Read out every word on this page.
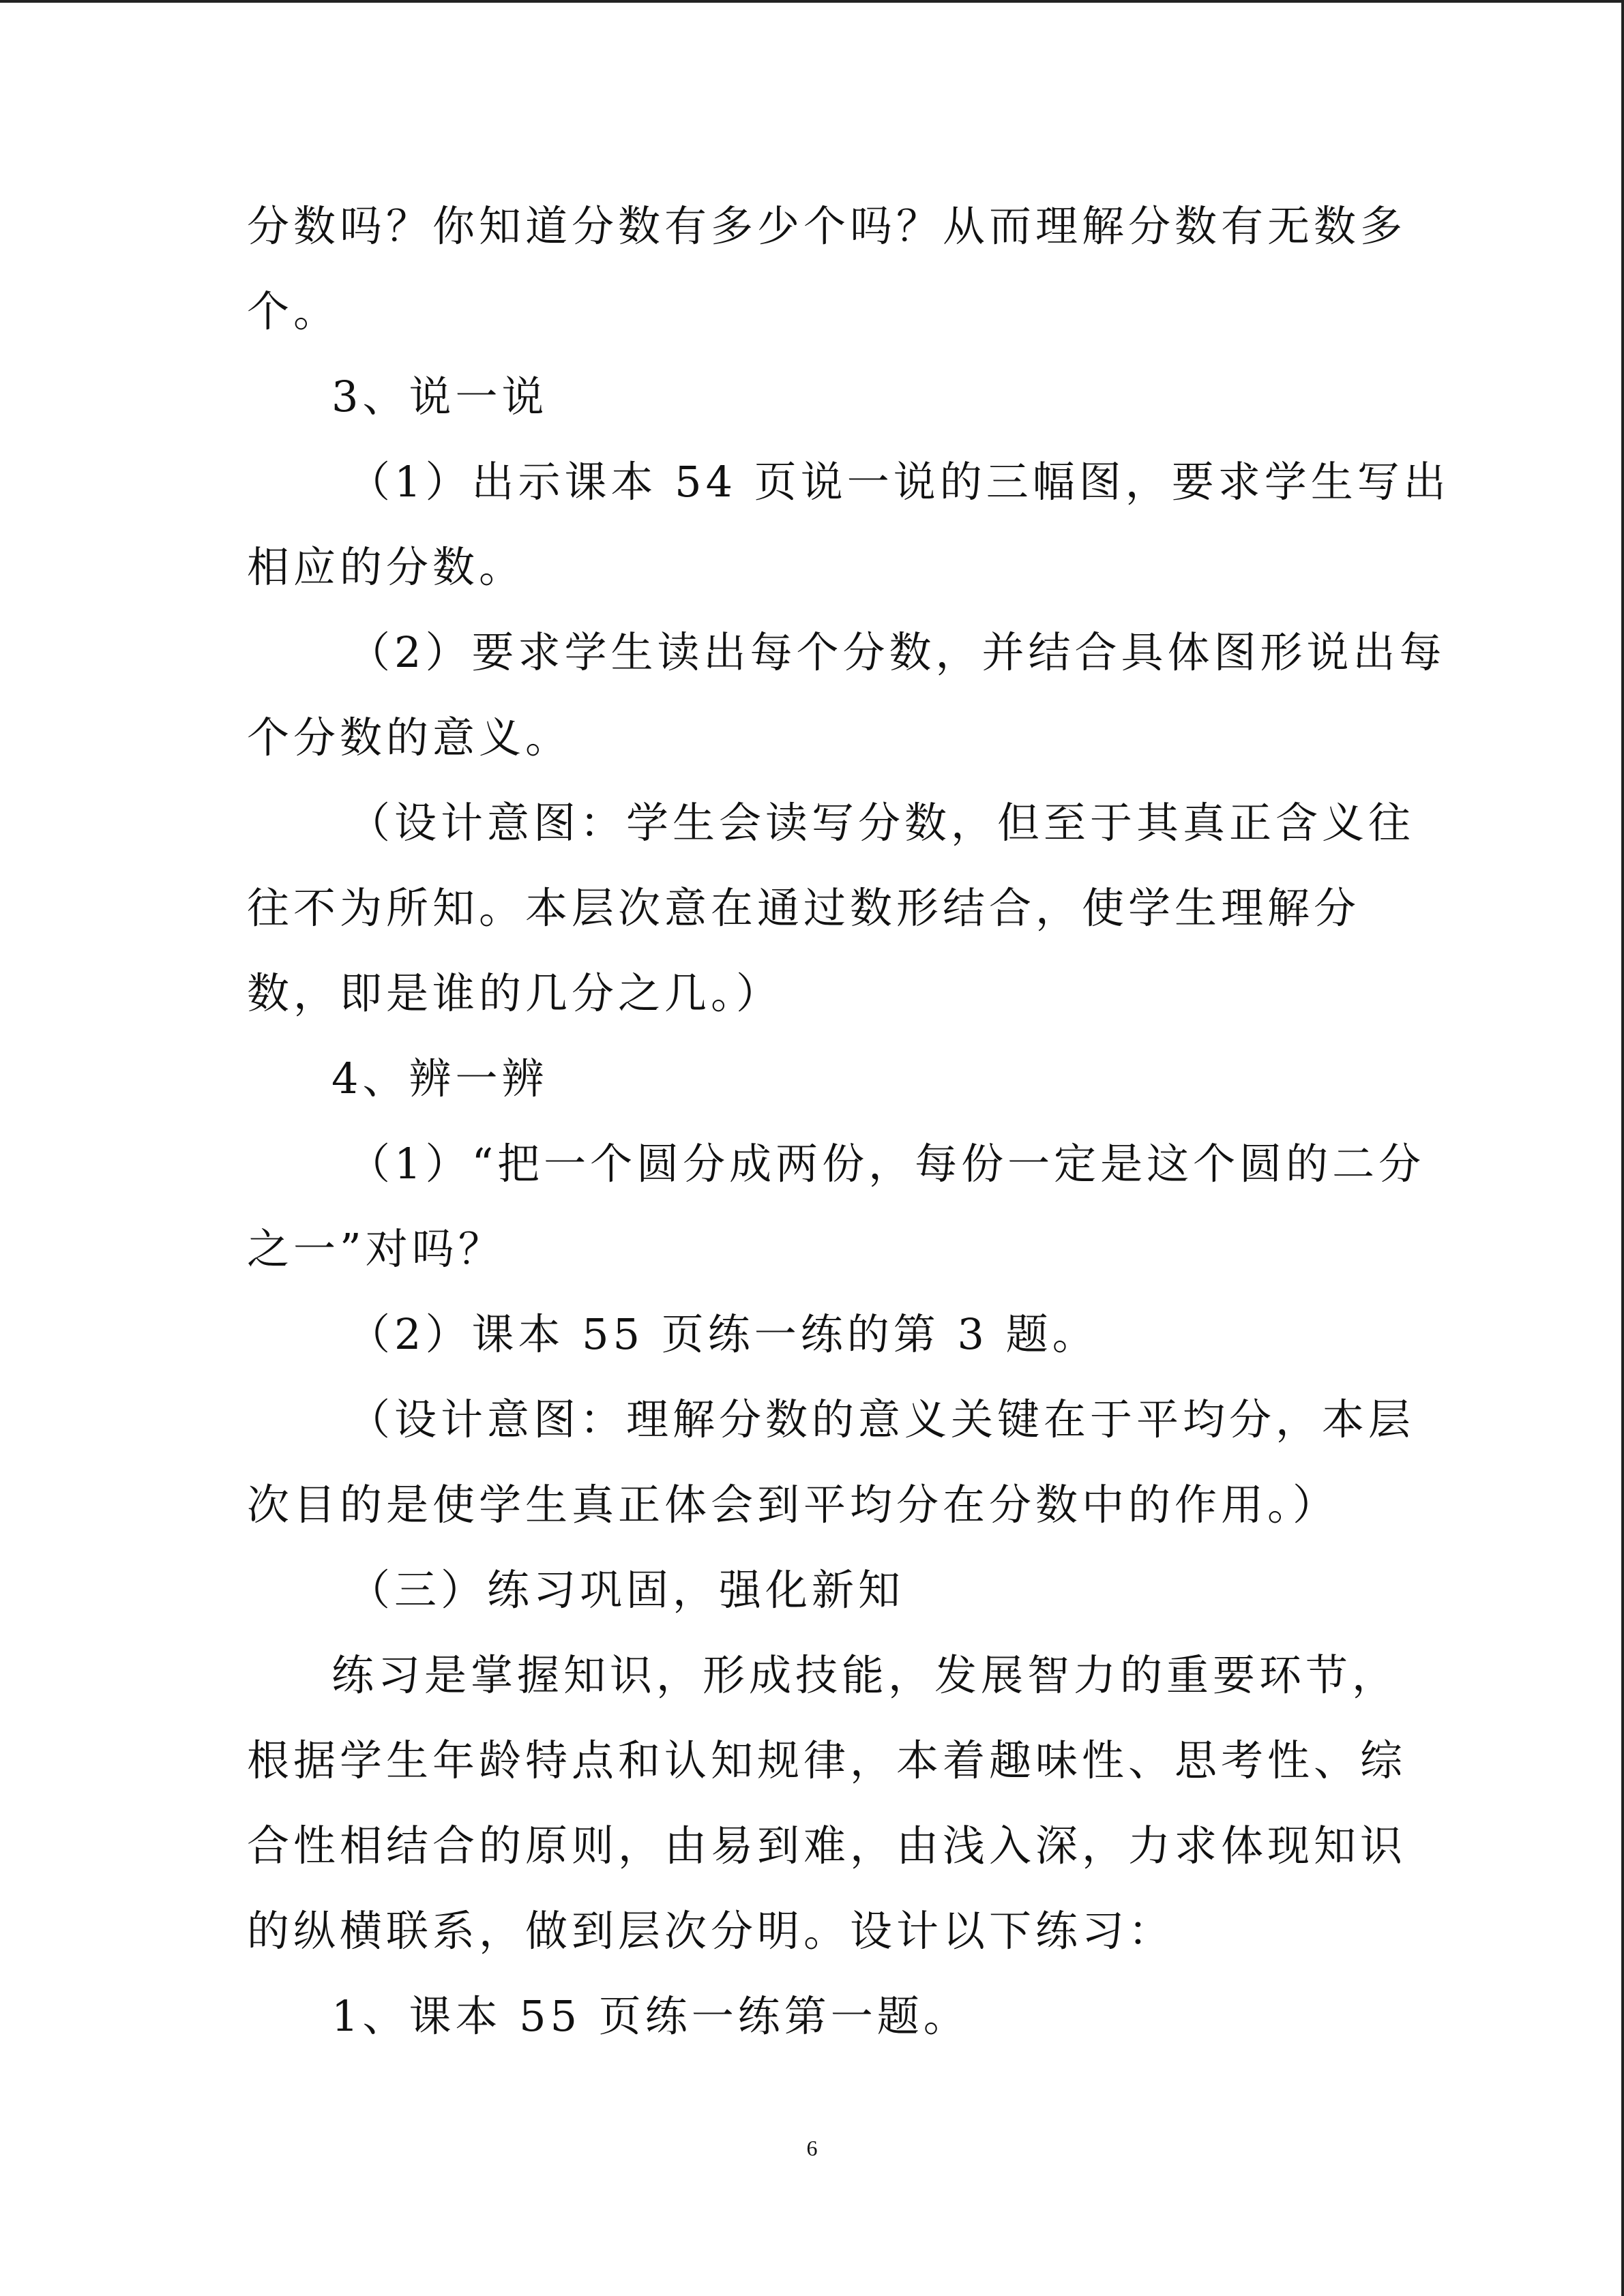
分数吗？你知道分数有多少个吗？从而理解分数有无数多
个。
3、说一说
（1）出示课本 54 页说一说的三幅图，要求学生写出
相应的分数。
（2）要求学生读出每个分数，并结合具体图形说出每
个分数的意义。
（设计意图：学生会读写分数，但至于其真正含义往
往不为所知。本层次意在通过数形结合，使学生理解分
数，即是谁的几分之几。）
4、辨一辨
（1）“把一个圆分成两份，每份一定是这个圆的二分
之一”对吗？
（2）课本 55 页练一练的第 3 题。
（设计意图：理解分数的意义关键在于平均分，本层
次目的是使学生真正体会到平均分在分数中的作用。）
（三）练习巩固，强化新知
练习是掌握知识，形成技能，发展智力的重要环节，
根据学生年龄特点和认知规律，本着趣味性、思考性、综
合性相结合的原则，由易到难，由浅入深，力求体现知识
的纵横联系，做到层次分明。设计以下练习：
1、课本 55 页练一练第一题。
6
